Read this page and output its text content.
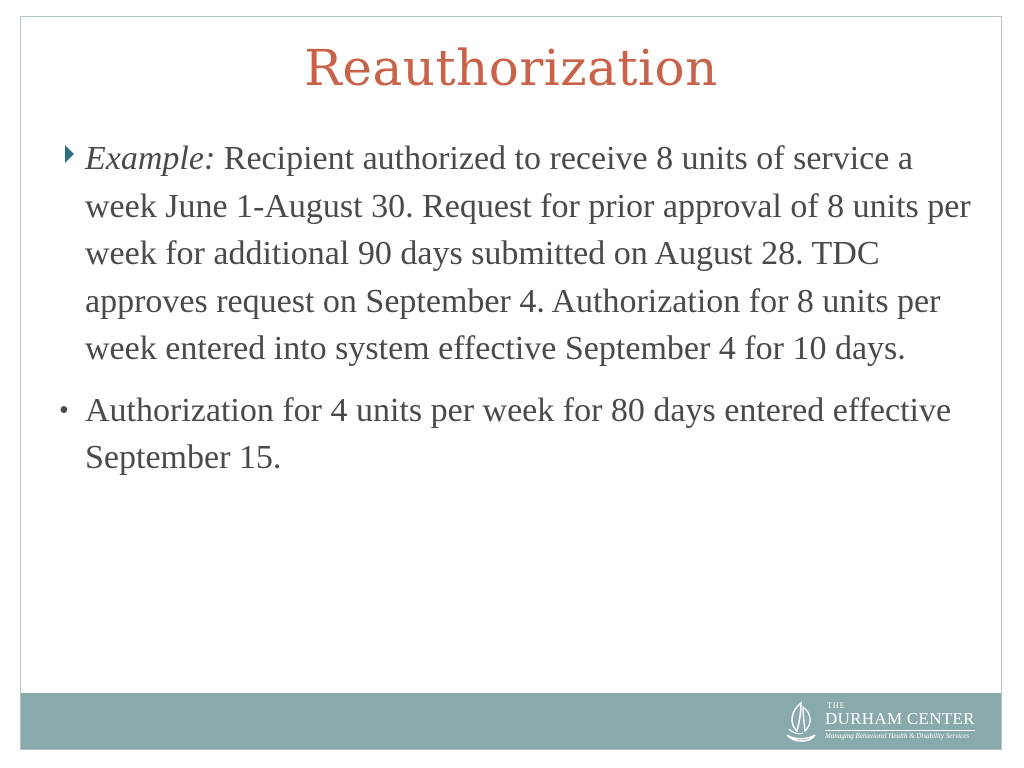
Reauthorization
Example: Recipient authorized to receive 8 units of service a week June 1-August 30. Request for prior approval of 8 units per week for additional 90 days submitted on August 28. TDC approves request on September 4. Authorization for 8 units per week entered into system effective September 4 for 10 days.
• Authorization for 4 units per week for 80 days entered effective September 15.
THE
DURHAM CENTER
Managing Behavioral Health & Disability Services
